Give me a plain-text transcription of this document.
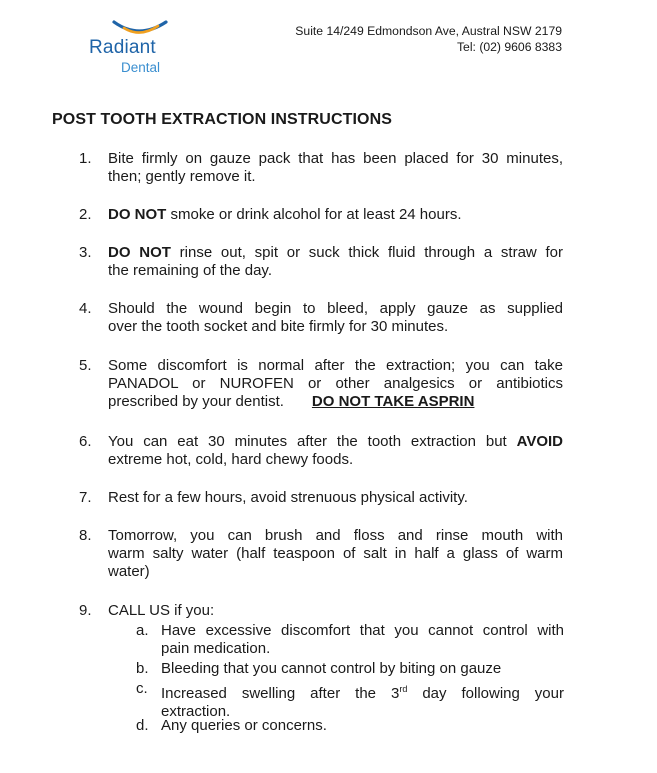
Radiant
Dental
Suite 14/249 Edmondson Ave, Austral NSW 2179
Tel: (02) 9606 8383
POST TOOTH EXTRACTION INSTRUCTIONS
1.	Bite firmly on gauze pack that has been placed for 30 minutes,
then; gently remove it.
2.	DO NOT smoke or drink alcohol for at least 24 hours.
3.	DO NOT rinse out, spit or suck thick fluid through a straw for
the remaining of the day.
4.	Should the wound begin to bleed, apply gauze as supplied
over the tooth socket and bite firmly for 30 minutes.
5.	Some discomfort is normal after the extraction; you can take
PANADOL or NUROFEN or other analgesics or antibiotics
prescribed by your dentist. DO NOT TAKE ASPRIN
6.	You can eat 30 minutes after the tooth extraction but AVOID
extreme hot, cold, hard chewy foods.
7.	Rest for a few hours, avoid strenuous physical activity.
8.	Tomorrow, you can brush and floss and rinse mouth with
warm salty water (half teaspoon of salt in half a glass of warm
water)
9.	CALL US if you:
a. Have excessive discomfort that you cannot control with
pain medication.
b. Bleeding that you cannot control by biting on gauze
c. Increased swelling after the 3rd day following your
extraction.
d. Any queries or concerns.
